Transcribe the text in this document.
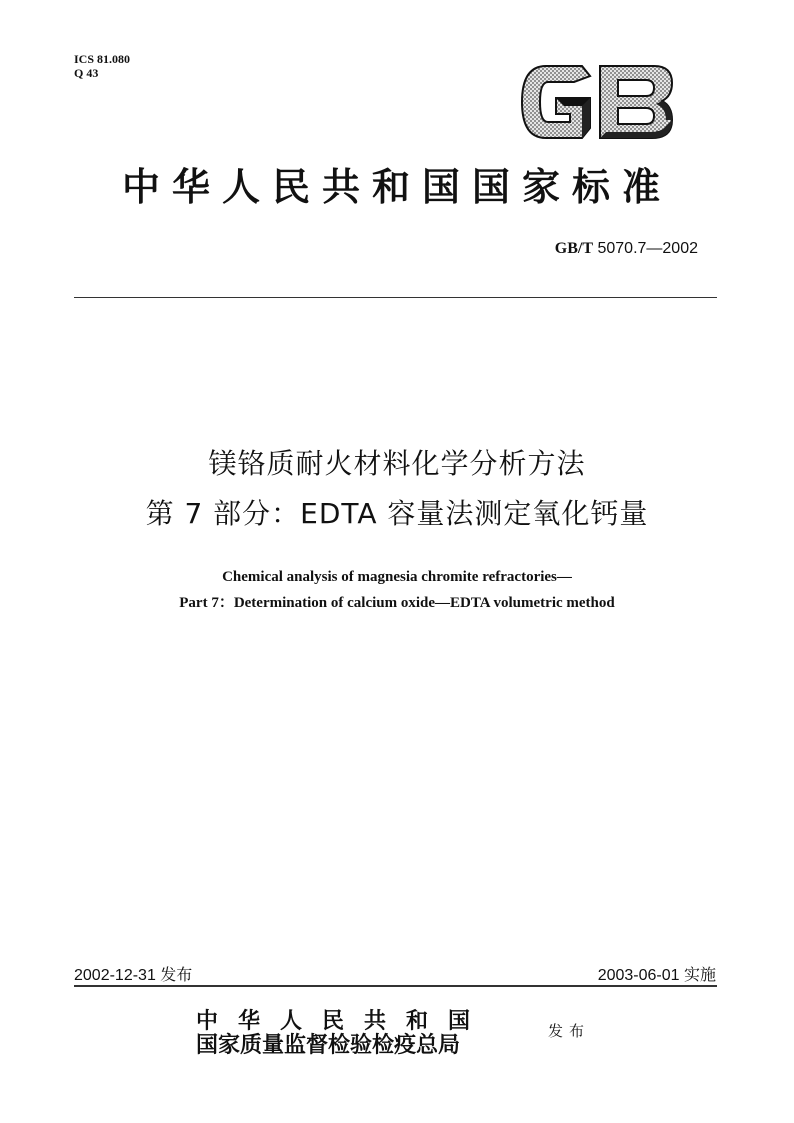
ICS 81.080
Q 43
中华人民共和国国家标准
GB/T 5070.7—2002
镁铬质耐火材料化学分析方法
第 7 部分：EDTA 容量法测定氧化钙量
Chemical analysis of magnesia chromite refractories—
Part 7：Determination of calcium oxide—EDTA volumetric method
2002-12-31 发布	2003-06-01 实施
中华人民共和国
国家质量监督检验检疫总局
发布
